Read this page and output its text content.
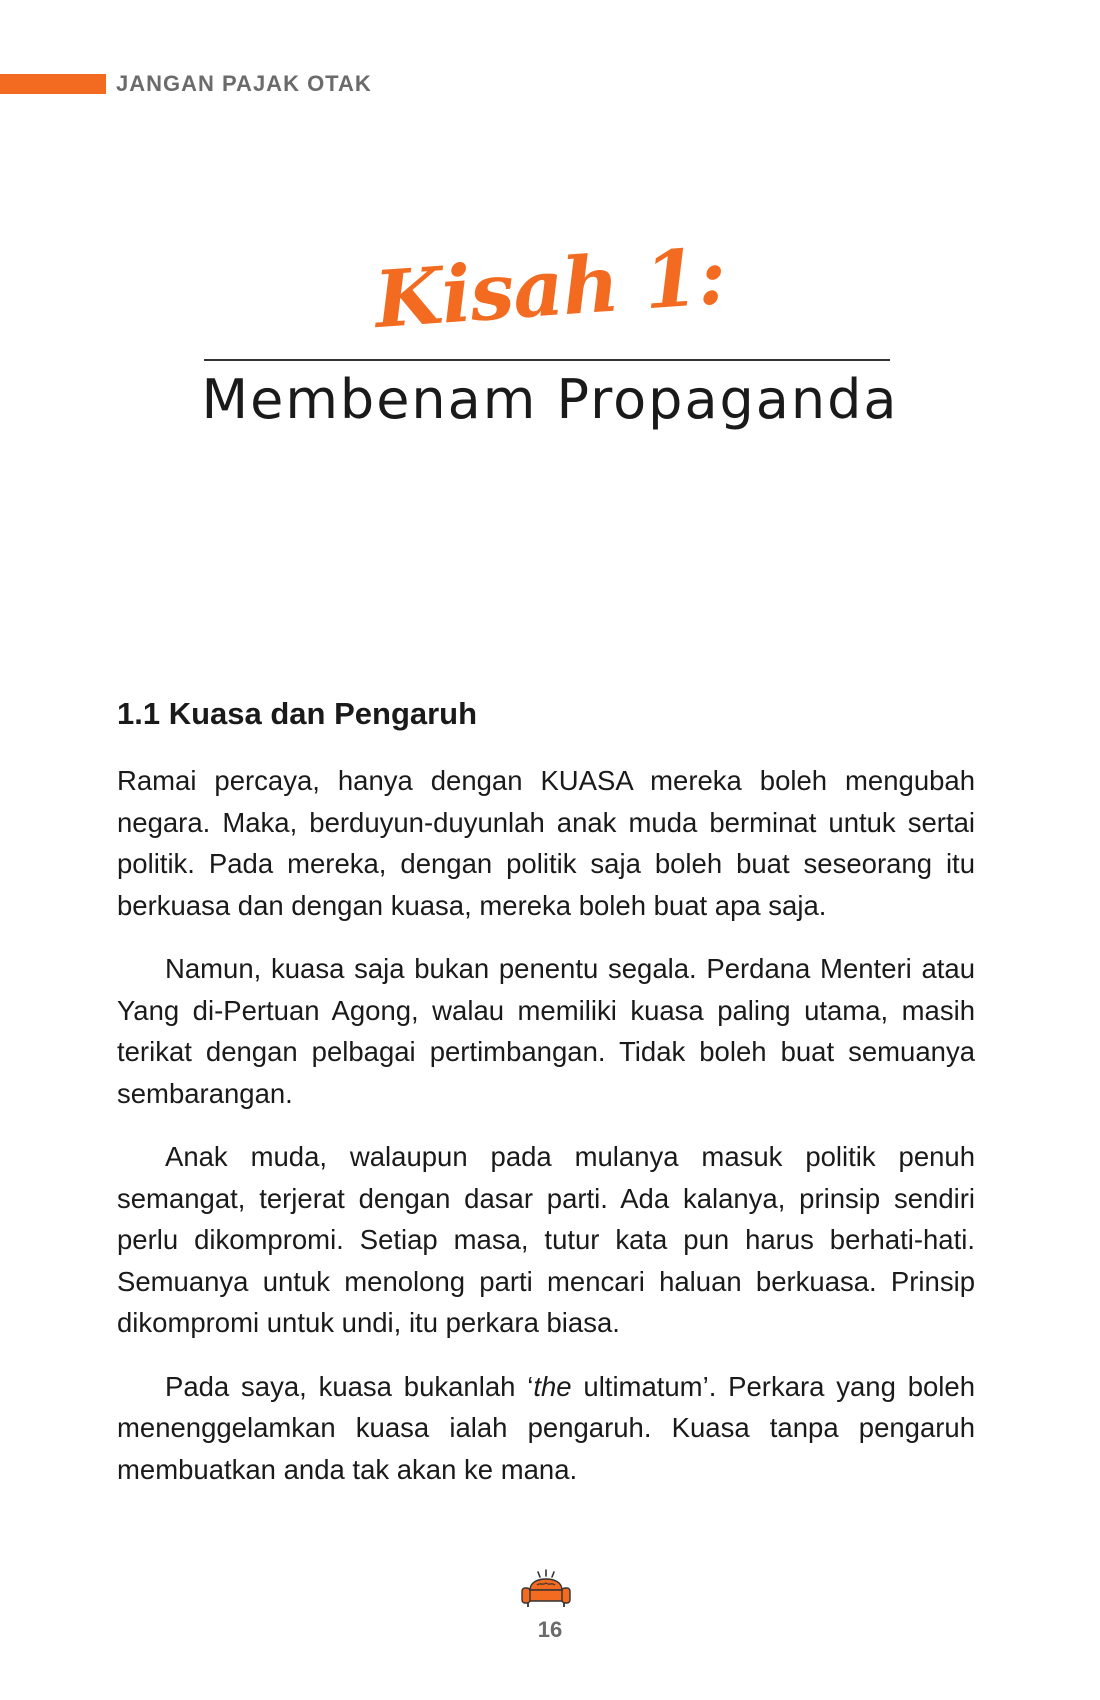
JANGAN PAJAK OTAK
Kisah 1:
Membenam Propaganda
1.1 Kuasa dan Pengaruh

Ramai percaya, hanya dengan KUASA mereka boleh mengubah negara. Maka, berduyun-duyunlah anak muda berminat untuk sertai politik. Pada mereka, dengan politik saja boleh buat seseorang itu berkuasa dan dengan kuasa, mereka boleh buat apa saja.

Namun, kuasa saja bukan penentu segala. Perdana Menteri atau Yang di-Pertuan Agong, walau memiliki kuasa paling utama, masih terikat dengan pelbagai pertimbangan. Tidak boleh buat semuanya sembarangan.

Anak muda, walaupun pada mulanya masuk politik penuh semangat, terjerat dengan dasar parti. Ada kalanya, prinsip sendiri perlu dikompromi. Setiap masa, tutur kata pun harus berhati-hati. Semuanya untuk menolong parti mencari haluan berkuasa. Prinsip dikompromi untuk undi, itu perkara biasa.

Pada saya, kuasa bukanlah ‘the ultimatum’. Perkara yang boleh menenggelamkan kuasa ialah pengaruh. Kuasa tanpa pengaruh membuatkan anda tak akan ke mana.

16
